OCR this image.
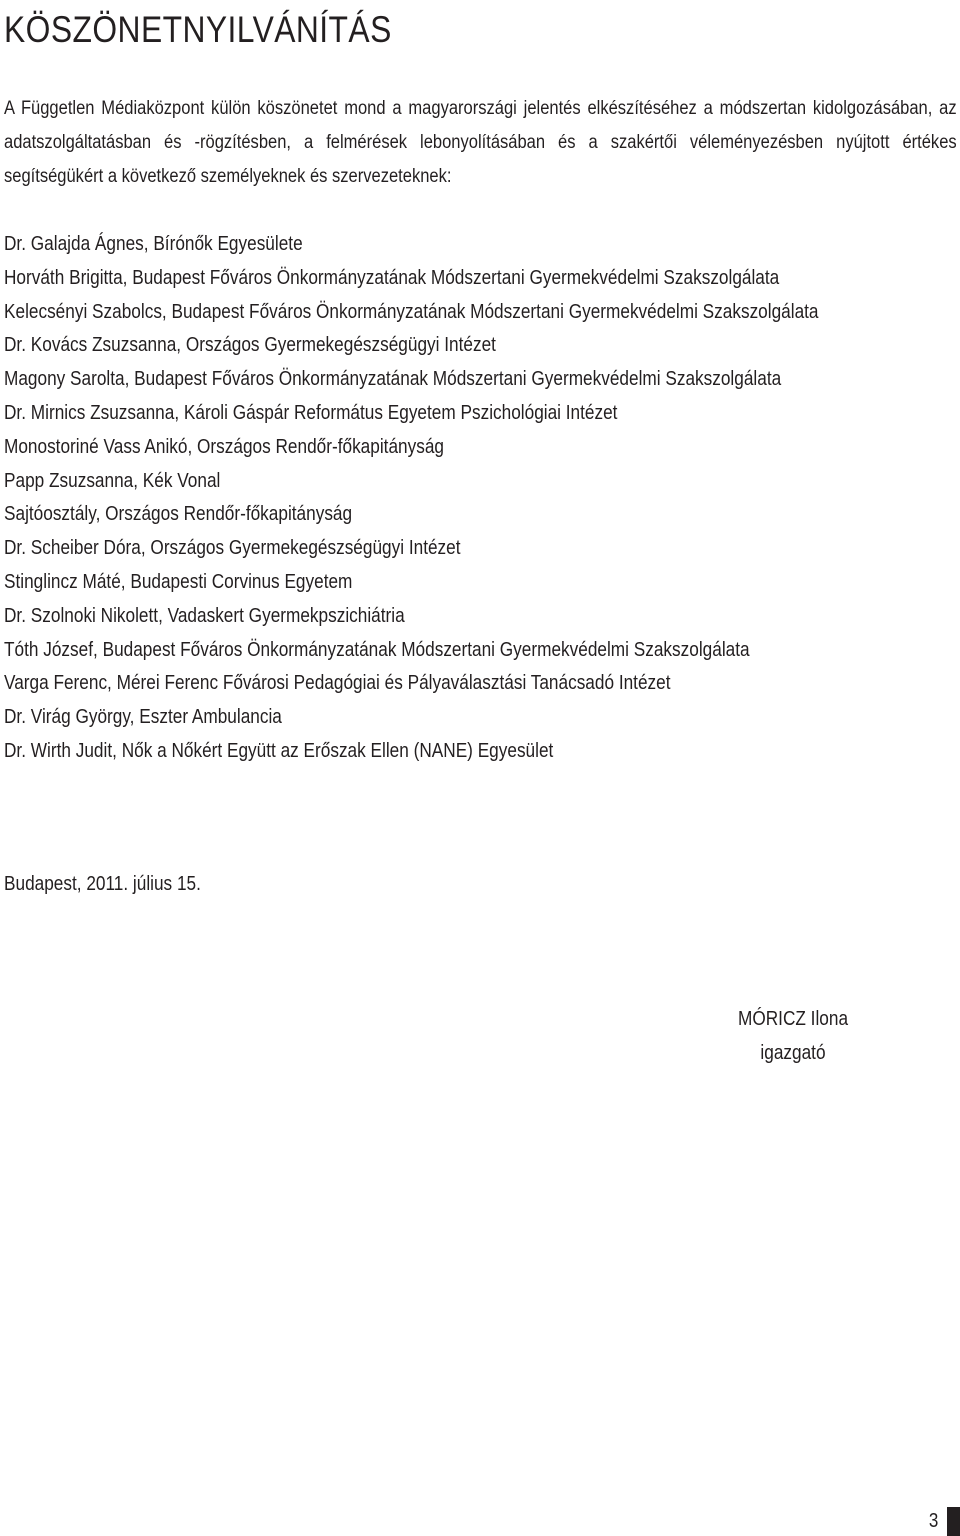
KÖSZÖNETNYILVÁNÍTÁS

A Független Médiaközpont külön köszönetet mond a magyarországi jelentés elkészítéséhez a módszertan kidolgozásában, az adatszolgáltatásban és -rögzítésben, a felmérések lebonyolításában és a szakértői véleményezésben nyújtott értékes segítségükért a következő személyeknek és szervezeteknek:

Dr. Galajda Ágnes, Bírónők Egyesülete
Horváth Brigitta, Budapest Főváros Önkormányzatának Módszertani Gyermekvédelmi Szakszolgálata
Kelecsényi Szabolcs, Budapest Főváros Önkormányzatának Módszertani Gyermekvédelmi Szakszolgálata
Dr. Kovács Zsuzsanna, Országos Gyermekegészségügyi Intézet
Magony Sarolta, Budapest Főváros Önkormányzatának Módszertani Gyermekvédelmi Szakszolgálata
Dr. Mirnics Zsuzsanna, Károli Gáspár Református Egyetem Pszichológiai Intézet
Monostoriné Vass Anikó, Országos Rendőr-főkapitányság
Papp Zsuzsanna, Kék Vonal
Sajtóosztály, Országos Rendőr-főkapitányság
Dr. Scheiber Dóra, Országos Gyermekegészségügyi Intézet
Stinglincz Máté, Budapesti Corvinus Egyetem
Dr. Szolnoki Nikolett, Vadaskert Gyermekpszichiátria
Tóth József, Budapest Főváros Önkormányzatának Módszertani Gyermekvédelmi Szakszolgálata
Varga Ferenc, Mérei Ferenc Fővárosi Pedagógiai és Pályaválasztási Tanácsadó Intézet
Dr. Virág György, Eszter Ambulancia
Dr. Wirth Judit, Nők a Nőkért Együtt az Erőszak Ellen (NANE) Egyesület

Budapest, 2011. július 15.

MÓRICZ Ilona
igazgató
3
